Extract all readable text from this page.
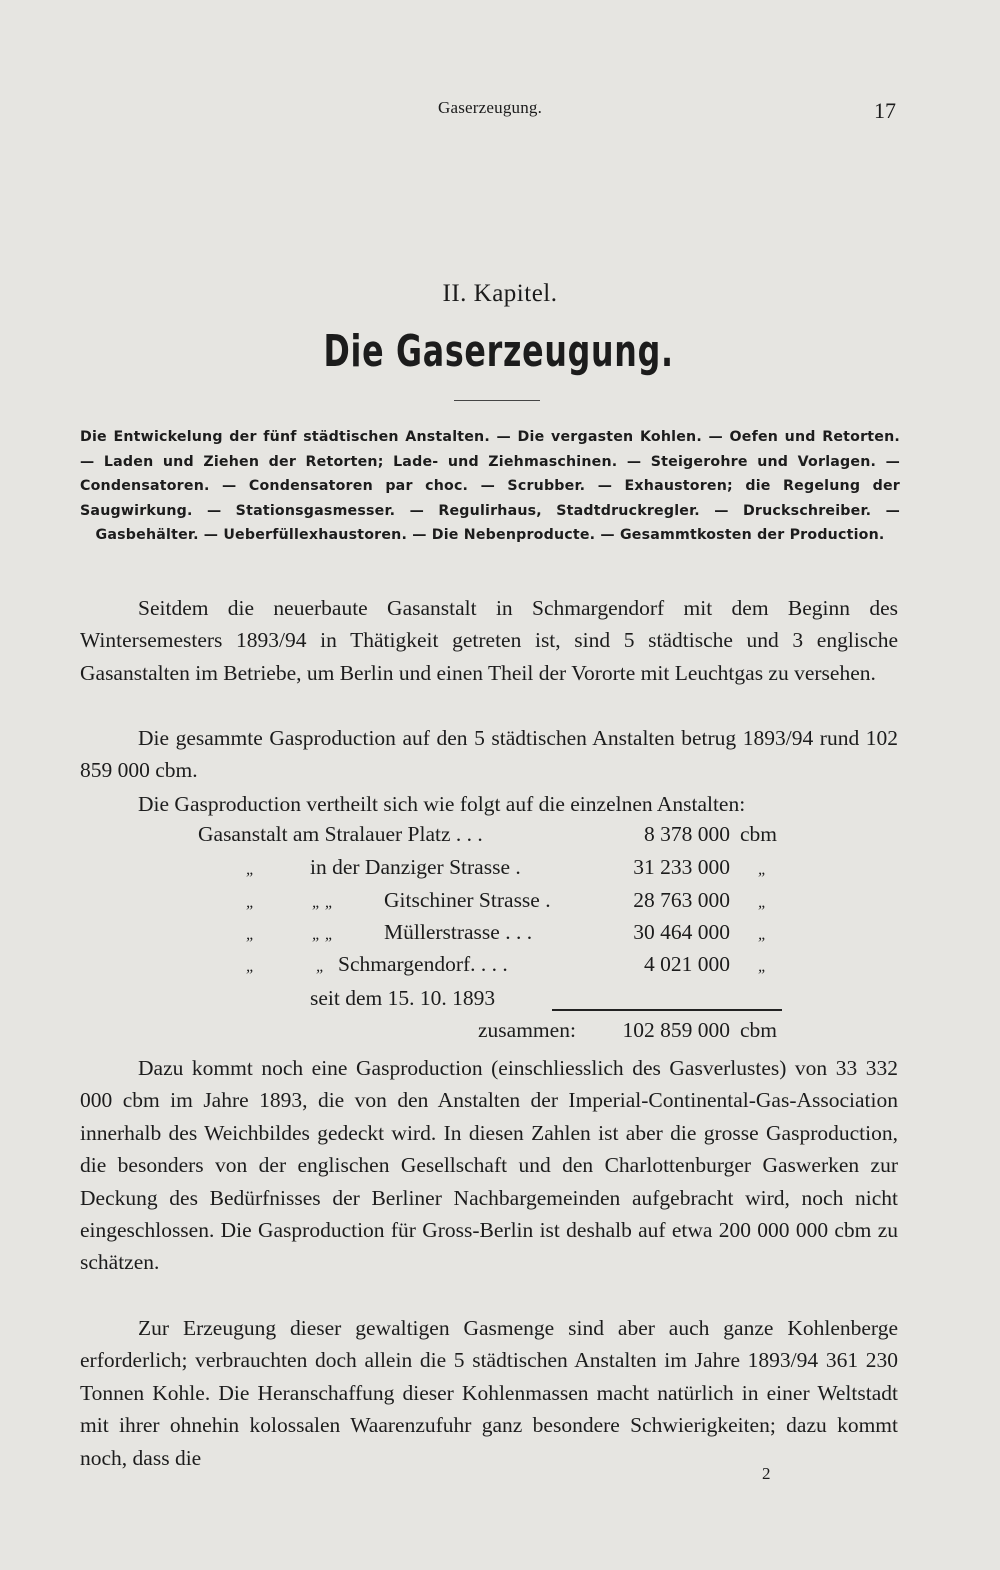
Gaserzeugung.	17
II. Kapitel.
Die Gaserzeugung.
Die Entwickelung der fünf städtischen Anstalten. — Die vergasten Kohlen. — Oefen und Retorten. — Laden und Ziehen der Retorten; Lade- und Ziehmaschinen. — Steigerohre und Vorlagen. — Condensatoren. — Condensatoren par choc. — Scrubber. — Exhaustoren; die Regelung der Saugwirkung. — Stationsgasmesser. — Regulirhaus, Stadtdruckregler. — Druckschreiber. — Gasbehälter. — Ueberfüllexhaustoren. — Die Nebenproducte. — Gesammtkosten der Production.

Seitdem die neuerbaute Gasanstalt in Schmargendorf mit dem Beginn des Wintersemesters 1893/94 in Thätigkeit getreten ist, sind 5 städtische und 3 englische Gasanstalten im Betriebe, um Berlin und einen Theil der Vororte mit Leuchtgas zu versehen.

Die gesammte Gasproduction auf den 5 städtischen Anstalten betrug 1893/94 rund 102 859 000 cbm.

Die Gasproduction vertheilt sich wie folgt auf die einzelnen Anstalten:

Gasanstalt am Stralauer Platz . . .	8 378 000 cbm
„	in der Danziger Strasse .	31 233 000 „
„	„ „ Gitschiner Strasse .	28 763 000 „
„	„ „ Müllerstrasse . . .	30 464 000 „
„	„ Schmargendorf. . . .	4 021 000 „
seit dem 15. 10. 1893
zusammen:	102 859 000 cbm

Dazu kommt noch eine Gasproduction (einschliesslich des Gasverlustes) von 33 332 000 cbm im Jahre 1893, die von den Anstalten der Imperial-Continental-Gas-Association innerhalb des Weichbildes gedeckt wird. In diesen Zahlen ist aber die grosse Gasproduction, die besonders von der englischen Gesellschaft und den Charlottenburger Gaswerken zur Deckung des Bedürfnisses der Berliner Nachbargemeinden aufgebracht wird, noch nicht eingeschlossen. Die Gasproduction für Gross-Berlin ist deshalb auf etwa 200 000 000 cbm zu schätzen.

Zur Erzeugung dieser gewaltigen Gasmenge sind aber auch ganze Kohlenberge erforderlich; verbrauchten doch allein die 5 städtischen Anstalten im Jahre 1893/94 361 230 Tonnen Kohle. Die Heranschaffung dieser Kohlenmassen macht natürlich in einer Weltstadt mit ihrer ohnehin kolossalen Waarenzufuhr ganz besondere Schwierigkeiten; dazu kommt noch, dass die

2
